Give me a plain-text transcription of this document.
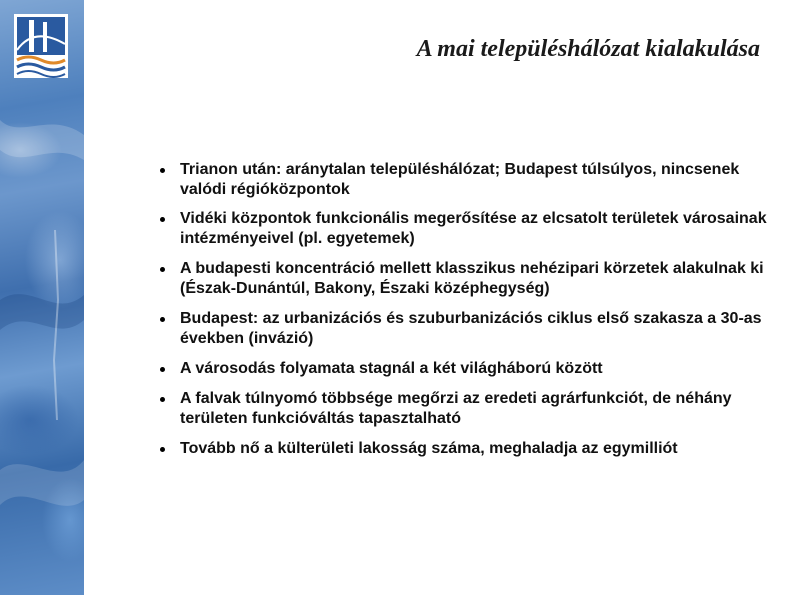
A mai településhálózat kialakulása
Trianon után: aránytalan településhálózat; Budapest túlsúlyos, nincsenek valódi régióközpontok
Vidéki központok funkcionális megerősítése az elcsatolt területek városainak intézményeivel (pl. egyetemek)
A budapesti koncentráció mellett klasszikus nehézipari körzetek alakulnak ki (Észak-Dunántúl, Bakony, Északi középhegység)
Budapest: az urbanizációs és szuburbanizációs ciklus első szakasza a 30-as években (invázió)
A városodás folyamata stagnál a két világháború között
A falvak túlnyomó többsége megőrzi az eredeti agrárfunkciót, de néhány területen funkcióváltás tapasztalható
Tovább nő a külterületi lakosság száma, meghaladja az egymilliót
